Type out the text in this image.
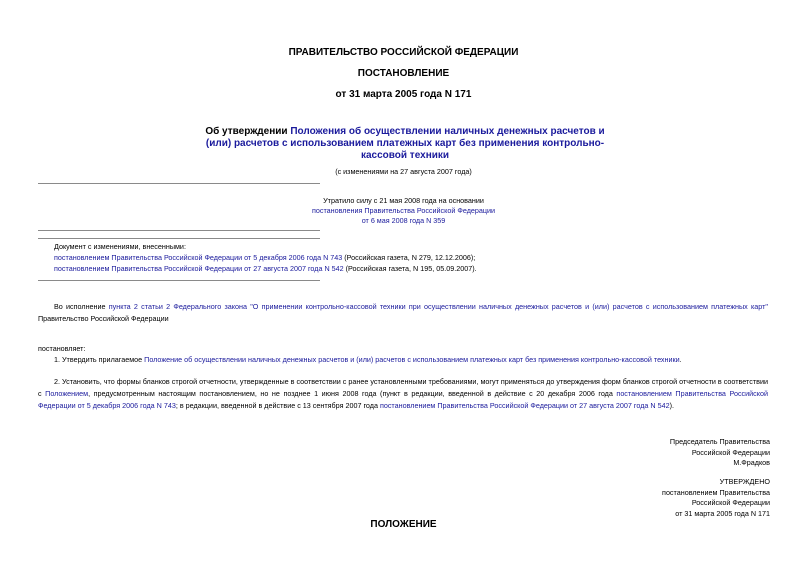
ПРАВИТЕЛЬСТВО РОССИЙСКОЙ ФЕДЕРАЦИИ
ПОСТАНОВЛЕНИЕ
от 31 марта 2005 года N 171
Об утверждении Положения об осуществлении наличных денежных расчетов и (или) расчетов с использованием платежных карт без применения контрольно-кассовой техники
(с изменениями на 27 августа 2007 года)
Утратило силу с 21 мая 2008 года на основании
постановления Правительства Российской Федерации
от 6 мая 2008 года N 359
Документ с изменениями, внесенными:
постановлением Правительства Российской Федерации от 5 декабря 2006 года N 743 (Российская газета, N 279, 12.12.2006);
постановлением Правительства Российской Федерации от 27 августа 2007 года N 542 (Российская газета, N 195, 05.09.2007).
Во исполнение пункта 2 статьи 2 Федерального закона "О применении контрольно-кассовой техники при осуществлении наличных денежных расчетов и (или) расчетов с использованием платежных карт" Правительство Российской Федерации
постановляет:
1. Утвердить прилагаемое Положение об осуществлении наличных денежных расчетов и (или) расчетов с использованием платежных карт без применения контрольно-кассовой техники.
2. Установить, что формы бланков строгой отчетности, утвержденные в соответствии с ранее установленными требованиями, могут применяться до утверждения форм бланков строгой отчетности в соответствии с Положением, предусмотренным настоящим постановлением, но не позднее 1 июня 2008 года (пункт в редакции, введенной в действие с 20 декабря 2006 года постановлением Правительства Российской Федерации от 5 декабря 2006 года N 743; в редакции, введенной в действие с 13 сентября 2007 года постановлением Правительства Российской Федерации от 27 августа 2007 года N 542).
Председатель Правительства
Российской Федерации
М.Фрадков
УТВЕРЖДЕНО
постановлением Правительства
Российской Федерации
от 31 марта 2005 года N 171
ПОЛОЖЕНИЕ
